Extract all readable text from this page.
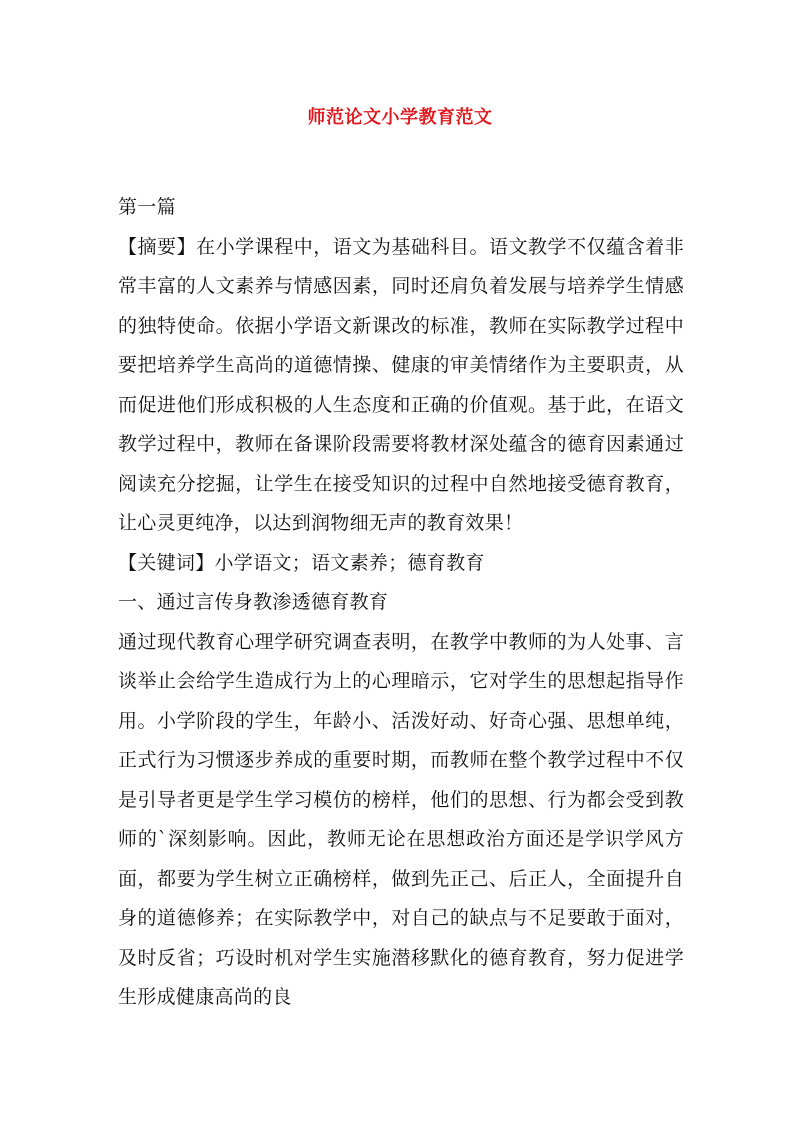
师范论文小学教育范文

第一篇

【摘要】在小学课程中，语文为基础科目。语文教学不仅蕴含着非常丰富的人文素养与情感因素，同时还肩负着发展与培养学生情感的独特使命。依据小学语文新课改的标准，教师在实际教学过程中要把培养学生高尚的道德情操、健康的审美情绪作为主要职责，从而促进他们形成积极的人生态度和正确的价值观。基于此，在语文教学过程中，教师在备课阶段需要将教材深处蕴含的德育因素通过阅读充分挖掘，让学生在接受知识的过程中自然地接受德育教育，让心灵更纯净，以达到润物细无声的教育效果！

【关键词】小学语文；语文素养；德育教育

一、通过言传身教渗透德育教育

通过现代教育心理学研究调查表明，在教学中教师的为人处事、言谈举止会给学生造成行为上的心理暗示，它对学生的思想起指导作用。小学阶段的学生，年龄小、活泼好动、好奇心强、思想单纯，正式行为习惯逐步养成的重要时期，而教师在整个教学过程中不仅是引导者更是学生学习模仿的榜样，他们的思想、行为都会受到教师的`深刻影响。因此，教师无论在思想政治方面还是学识学风方面，都要为学生树立正确榜样，做到先正己、后正人，全面提升自身的道德修养；在实际教学中，对自己的缺点与不足要敢于面对，及时反省；巧设时机对学生实施潜移默化的德育教育，努力促进学生形成健康高尚的良
